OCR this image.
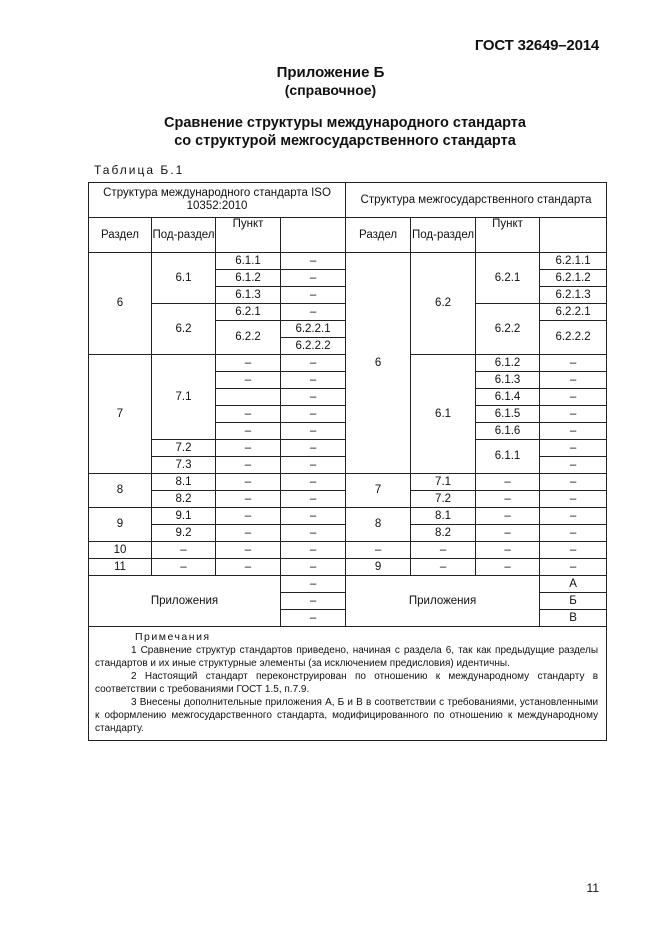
ГОСТ 32649–2014
Приложение Б
(справочное)
Сравнение структуры международного стандарта
со структурой межгосударственного стандарта
Таблица Б.1
Структура международного стандарта ISO 10352:2010				Структура межгосударственного стандарта			
Раздел	Под-раздел	Пункт		Раздел	Под-раздел	Пункт	
6	6.1	6.1.1	–	6	6.2	6.2.1	6.2.1.1
		6.1.2	–				6.2.1.2
		6.1.3	–				6.2.1.3
	6.2	6.2.1	–			6.2.2	6.2.2.1
		6.2.2	6.2.2.1				6.2.2.2
			6.2.2.2				
7	7.1	–	–		6.1	6.1.2	–
		–	–			6.1.3	–
			–			6.1.4	–
		–	–			6.1.5	–
		–	–			6.1.6	–
	7.2	–	–			6.1.1	–
	7.3	–	–				–
8	8.1	–	–	7	7.1	–	–
	8.2	–	–		7.2	–	–
9	9.1	–	–	8	8.1	–	–
	9.2	–	–		8.2	–	–
10	–	–	–	–	–	–	–
11	–	–	–	9	–	–	–
Приложения			–	Приложения			А
			–				Б
			–				В

Примечания

1 Сравнение структур стандартов приведено, начиная с раздела 6, так как предыдущие разделы стандартов и их иные структурные элементы (за исключением предисловия) идентичны.

2 Настоящий стандарт переконструирован по отношению к международному стандарту в соответствии с требованиями ГОСТ 1.5, п.7.9.

3 Внесены дополнительные приложения А, Б и В в соответствии с требованиями, установленными к оформлению межгосударственного стандарта, модифицированного по отношению к международному стандарту.							

11
